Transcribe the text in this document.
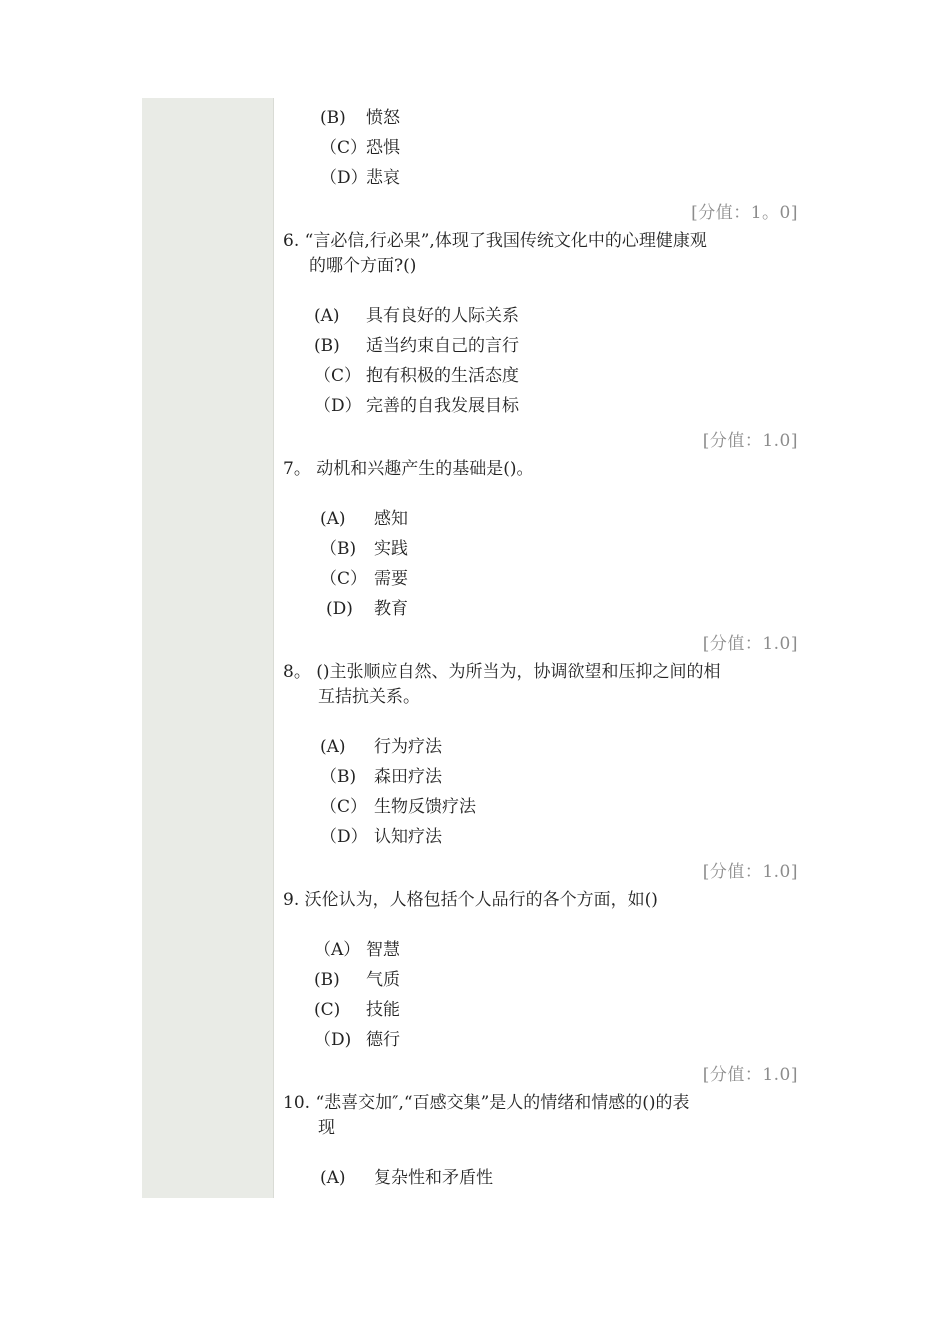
(B) 愤怒
（C）恐惧
（D）悲哀
[分值：1。0]
6. “言必信,行必果”,体现了我国传统文化中的心理健康观
的哪个方面?()
(A) 具有良好的人际关系
(B) 适当约束自己的言行
（C） 抱有积极的生活态度
（D） 完善的自我发展目标
[分值：1.0]
7。 动机和兴趣产生的基础是()。
(A) 感知
（B) 实践
（C） 需要
(D) 教育
[分值：1.0]
8。 ()主张顺应自然、为所当为，协调欲望和压抑之间的相
互拮抗关系。
(A) 行为疗法
（B) 森田疗法
（C） 生物反馈疗法
（D） 认知疗法
[分值：1.0]
9. 沃伦认为，人格包括个人品行的各个方面，如()
（A） 智慧
(B) 气质
(C) 技能
（D) 德行
[分值：1.0]
10. “悲喜交加″,“百感交集”是人的情绪和情感的()的表
现
(A) 复杂性和矛盾性
